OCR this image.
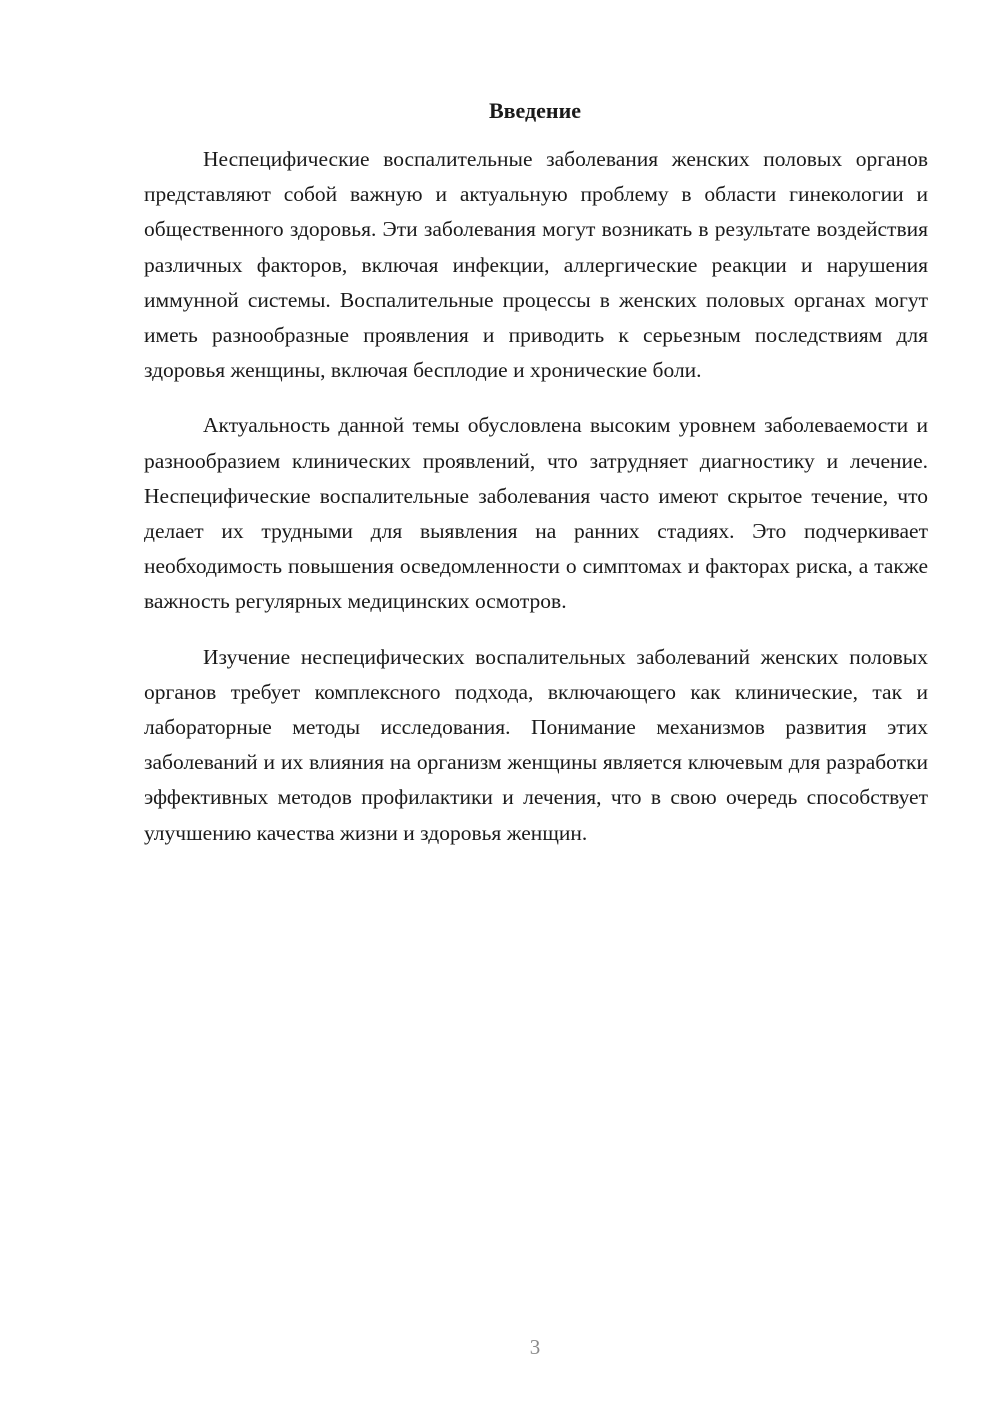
Введение

Неспецифические воспалительные заболевания женских половых органов представляют собой важную и актуальную проблему в области гинекологии и общественного здоровья. Эти заболевания могут возникать в результате воздействия различных факторов, включая инфекции, аллергические реакции и нарушения иммунной системы. Воспалительные процессы в женских половых органах могут иметь разнообразные проявления и приводить к серьезным последствиям для здоровья женщины, включая бесплодие и хронические боли.

Актуальность данной темы обусловлена высоким уровнем заболеваемости и разнообразием клинических проявлений, что затрудняет диагностику и лечение. Неспецифические воспалительные заболевания часто имеют скрытое течение, что делает их трудными для выявления на ранних стадиях. Это подчеркивает необходимость повышения осведомленности о симптомах и факторах риска, а также важность регулярных медицинских осмотров.

Изучение неспецифических воспалительных заболеваний женских половых органов требует комплексного подхода, включающего как клинические, так и лабораторные методы исследования. Понимание механизмов развития этих заболеваний и их влияния на организм женщины является ключевым для разработки эффективных методов профилактики и лечения, что в свою очередь способствует улучшению качества жизни и здоровья женщин.

3
